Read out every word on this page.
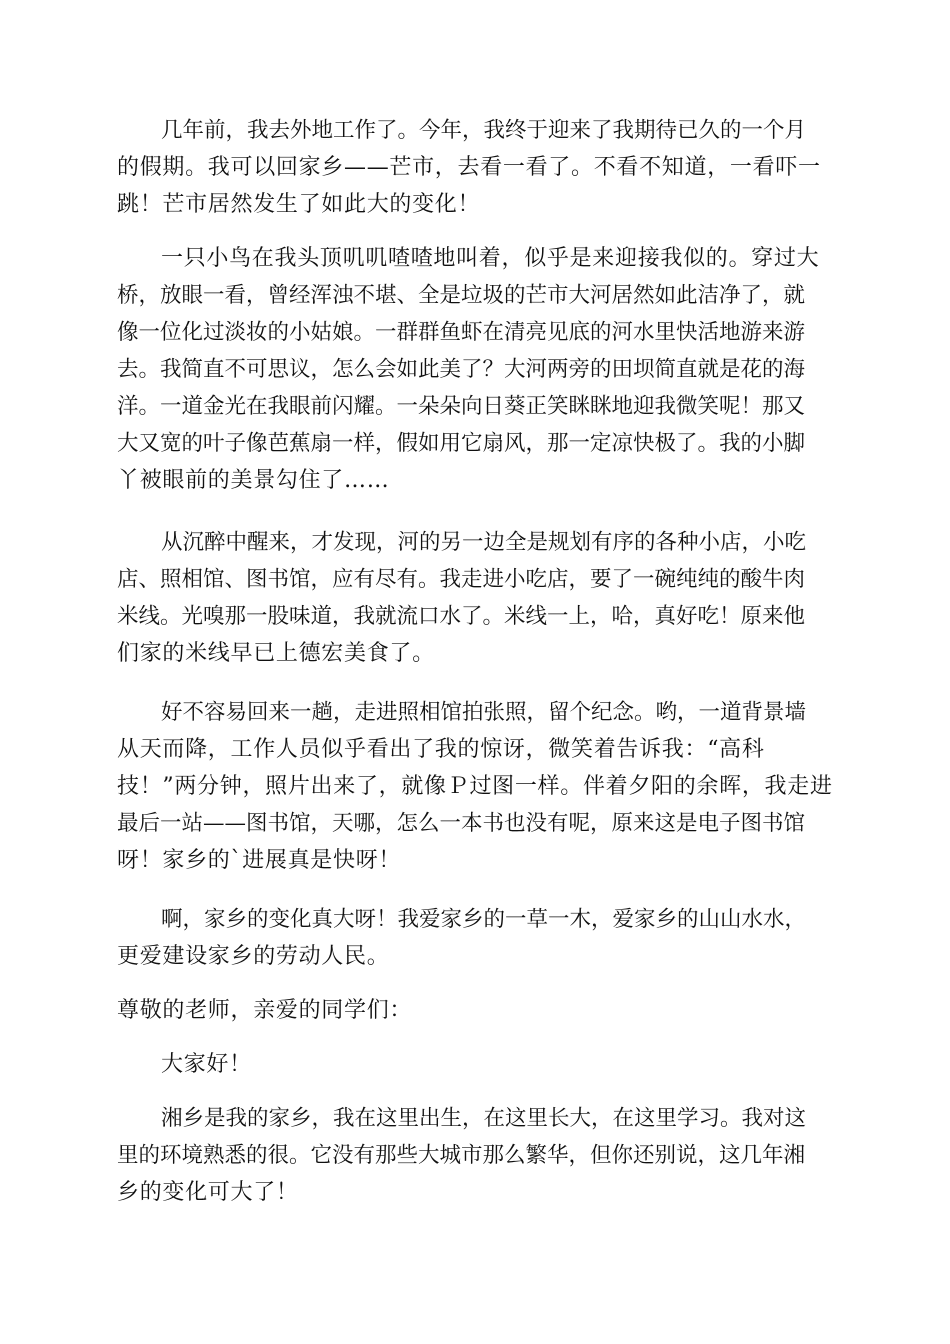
几年前，我去外地工作了。今年，我终于迎来了我期待已久的一个月
的假期。我可以回家乡——芒市，去看一看了。不看不知道，一看吓一
跳！芒市居然发生了如此大的变化！
一只小鸟在我头顶叽叽喳喳地叫着，似乎是来迎接我似的。穿过大
桥，放眼一看，曾经浑浊不堪、全是垃圾的芒市大河居然如此洁净了，就
像一位化过淡妆的小姑娘。一群群鱼虾在清亮见底的河水里快活地游来游
去。我简直不可思议，怎么会如此美了？大河两旁的田坝简直就是花的海
洋。一道金光在我眼前闪耀。一朵朵向日葵正笑眯眯地迎我微笑呢！那又
大又宽的叶子像芭蕉扇一样，假如用它扇风，那一定凉快极了。我的小脚
丫被眼前的美景勾住了……
从沉醉中醒来，才发现，河的另一边全是规划有序的各种小店，小吃
店、照相馆、图书馆，应有尽有。我走进小吃店，要了一碗纯纯的酸牛肉
米线。光嗅那一股味道，我就流口水了。米线一上，哈，真好吃！原来他
们家的米线早已上德宏美食了。
好不容易回来一趟，走进照相馆拍张照，留个纪念。哟，一道背景墙
从天而降，工作人员似乎看出了我的惊讶，微笑着告诉我：“高科
技！”两分钟，照片出来了，就像Ｐ过图一样。伴着夕阳的余晖，我走进
最后一站——图书馆，天哪，怎么一本书也没有呢，原来这是电子图书馆
呀！家乡的`进展真是快呀！
啊，家乡的变化真大呀！我爱家乡的一草一木，爱家乡的山山水水，
更爱建设家乡的劳动人民。
尊敬的老师，亲爱的同学们：
大家好！
湘乡是我的家乡，我在这里出生，在这里长大，在这里学习。我对这
里的环境熟悉的很。它没有那些大城市那么繁华，但你还别说，这几年湘
乡的变化可大了！
